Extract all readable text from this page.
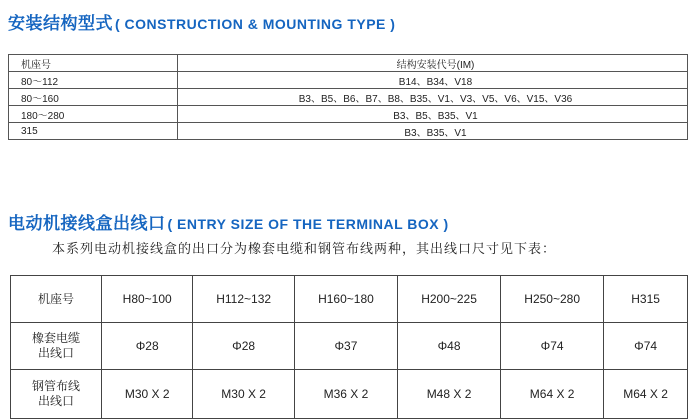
安装结构型式 ( CONSTRUCTION & MOUNTING TYPE )
机座号	结构安装代号(IM)
80～112	B14、B34、V18
80～160	B3、B5、B6、B7、B8、B35、V1、V3、V5、V6、V15、V36
180～280	B3、B5、B35、V1
315	B3、B35、V1
电动机接线盒出线口 ( ENTRY SIZE OF THE TERMINAL BOX )
本系列电动机接线盒的出口分为橡套电缆和钢管布线两种，其出线口尺寸见下表：
机座号	H80~100	H112~132	H160~180	H200~225	H250~280	H315

橡套电缆
出线口	Φ28	Φ28	Φ37	Φ48	Φ74	Φ74

钢管布线
出线口	M30 X 2	M30 X 2	M36 X 2	M48 X 2	M64 X 2	M64 X 2
